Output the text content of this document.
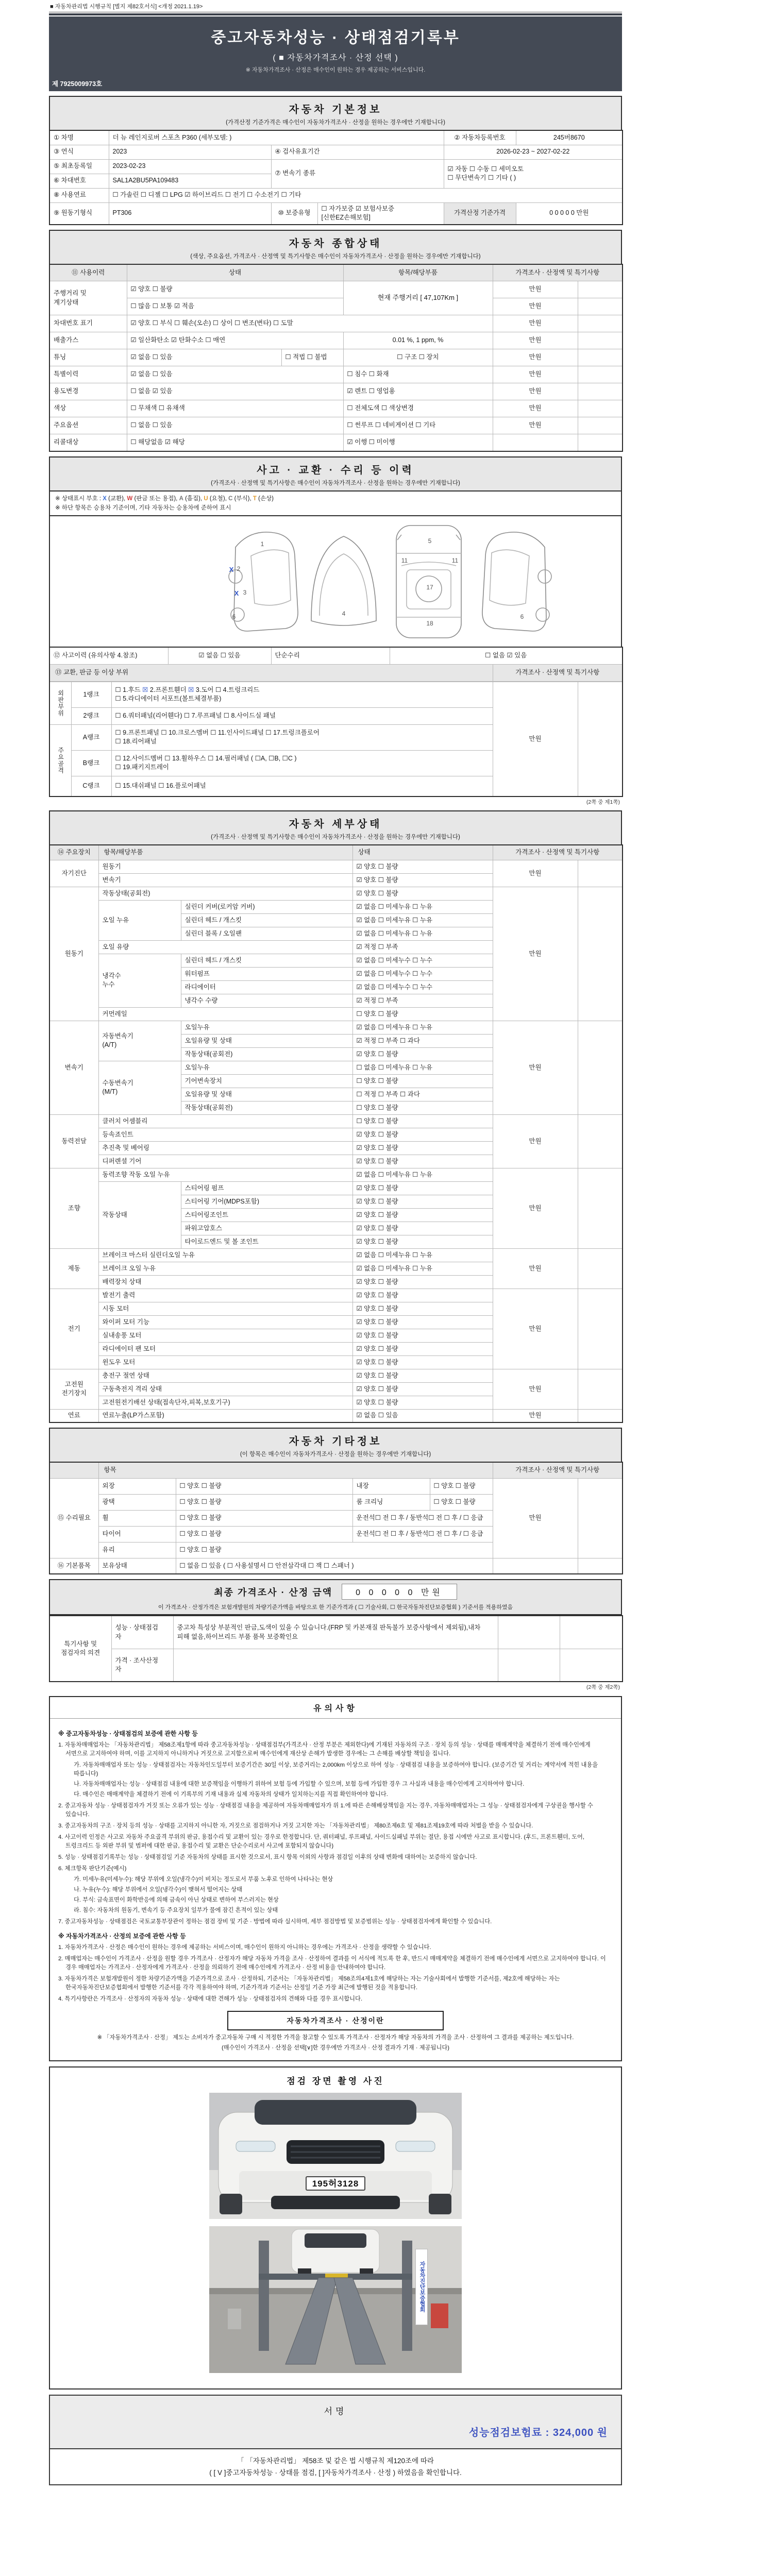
■ 자동차관리법 시행규칙 [별지 제82호서식] <개정 2021.1.19>
중고자동차성능 · 상태점검기록부
( ■ 자동차가격조사 · 산정 선택 )
※ 자동차가격조사 · 산정은 매수인이 원하는 경우 제공하는 서비스입니다.
제 7925009973호
자동차 기본정보
(가격산정 기준가격은 매수인이 자동차가격조사 · 산정을 원하는 경우에만 기재합니다)
① 차명	더 뉴 레인지로버 스포츠 P360 (세부모델: )			② 자동차등록번호	245버8670
③ 연식	2023	④ 검사유효기간		2026-02-23 ~ 2027-02-22	
⑤ 최초등록일	2023-02-23	⑦ 변속기 종류		☑ 자동 ☐ 수동 ☐ 세미오토
☐ 무단변속기 ☐ 기타 ( )	
⑥ 차대번호	SAL1A2BU5PA109483				
⑧ 사용연료	☐ 가솔린 ☐ 디젤 ☐ LPG ☑ 하이브리드 ☐ 전기 ☐ 수소전기 ☐ 기타				
⑨ 원동기형식	PT306	⑩ 보증유형	☐ 자가보증 ☑ 보험사보증 [신한EZ손해보험]	가격산정 기준가격	0 0 0 0 0 만원
자동차 종합상태
(색상, 주요옵션, 가격조사 · 산정액 및 특기사항은 매수인이 자동차가격조사 · 산정을 원하는 경우에만 기재합니다)
⑪ 사용이력	상태		항목/해당부품	가격조사 · 산정액 및 특기사항	
주행거리 및
계기상태	☑ 양호 ☐ 불량		현재 주행거리 [ 47,107Km ]	만원	
	☐ 많음 ☐ 보통 ☑ 적음			만원	
차대번호 표기	☑ 양호 ☐ 부식 ☐ 훼손(오손) ☐ 상이 ☐ 변조(변타) ☐ 도말			만원	
배출가스	☑ 일산화탄소 ☑ 탄화수소 ☐ 매연		0.01 %, 1 ppm, %	만원	
튜닝	☑ 없음 ☐ 있음	☐ 적법 ☐ 불법	☐ 구조 ☐ 장치	만원	
특별이력	☑ 없음 ☐ 있음		☐ 침수 ☐ 화재	만원	
용도변경	☐ 없음 ☑ 있음		☑ 렌트 ☐ 영업용	만원	
색상	☐ 무채색 ☐ 유채색		☐ 전체도색 ☐ 색상변경	만원	
주요옵션	☐ 없음 ☐ 있음		☐ 썬루프 ☐ 네비게이션 ☐ 기타	만원	
리콜대상	☐ 해당없음 ☑ 해당		☑ 이행 ☐ 미이행		
사고 · 교환 · 수리 등 이력
(가격조사 · 산정액 및 특기사항은 매수인이 자동차가격조사 · 산정을 원하는 경우에만 기재합니다)
※ 상태표시 부호 : X (교환), W (판금 또는 용접), A (흠집), U (요철), C (부식), T (손상)
※ 하단 항목은 승용차 기준이며, 기타 자동차는 승용차에 준하여 표시
1
2
3
6	4
5
11	11
17
18
6
X
X
⑫ 사고이력 (유의사항 4.참조)	☑ 없음 ☐ 있음	단순수리	☐ 없음 ☑ 있음	
⑬ 교환, 판금 등 이상 부위				가격조사 · 산정액 및 특기사항
외판부위	1랭크	☐ 1.후드 ☒ 2.프론트휀더 ☒ 3.도어 ☐ 4.트렁크리드
☐ 5.라디에이터 서포트(볼트체결부품)	만원	
	2랭크	☐ 6.쿼터패널(리어휀다) ☐ 7.루프패널 ☐ 8.사이드실 패널		
주요골격	A랭크	☐ 9.프론트패널 ☐ 10.크로스멤버 ☐ 11.인사이드패널 ☐ 17.트렁크플로어
☐ 18.리어패널		
	B랭크	☐ 12.사이드멤버 ☐ 13.휠하우스 ☐ 14.필러패널 ( ☐A, ☐B, ☐C )
☐ 19.패키지트레이		
	C랭크	☐ 15.대쉬패널 ☐ 16.플로어패널		
(2쪽 중 제1쪽)
자동차 세부상태
(가격조사 · 산정액 및 특기사항은 매수인이 자동차가격조사 · 산정을 원하는 경우에만 기재합니다)
⑭ 주요장치	항목/해당부품		상태	가격조사 · 산정액 및 특기사항	
자기진단	원동기		☑ 양호 ☐ 불량	만원	
	변속기		☑ 양호 ☐ 불량		
원동기	작동상태(공회전)		☑ 양호 ☐ 불량	만원	
	오일 누유	실린더 커버(로커암 커버)	☑ 없음 ☐ 미세누유 ☐ 누유		
		실린더 헤드 / 개스킷	☑ 없음 ☐ 미세누유 ☐ 누유		
		실린더 블록 / 오일팬	☑ 없음 ☐ 미세누유 ☐ 누유		
	오일 유량		☑ 적정 ☐ 부족		
	냉각수
누수	실린더 헤드 / 개스킷	☑ 없음 ☐ 미세누수 ☐ 누수		
		워터펌프	☑ 없음 ☐ 미세누수 ☐ 누수		
		라디에이터	☑ 없음 ☐ 미세누수 ☐ 누수		
		냉각수 수량	☑ 적정 ☐ 부족		
	커먼레일		☐ 양호 ☐ 불량		
변속기	자동변속기
(A/T)	오일누유	☑ 없음 ☐ 미세누유 ☐ 누유	만원	
		오일유량 및 상태	☑ 적정 ☐ 부족 ☐ 과다		
		작동상태(공회전)	☑ 양호 ☐ 불량		
	수동변속기
(M/T)	오일누유	☐ 없음 ☐ 미세누유 ☐ 누유		
		기어변속장치	☐ 양호 ☐ 불량		
		오일유량 및 상태	☐ 적정 ☐ 부족 ☐ 과다		
		작동상태(공회전)	☐ 양호 ☐ 불량		
동력전달	클러치 어셈블리		☐ 양호 ☐ 불량	만원	
	등속죠인트		☑ 양호 ☐ 불량		
	추진축 및 베어링		☑ 양호 ☐ 불량		
	디퍼렌셜 기어		☑ 양호 ☐ 불량		
조향	동력조향 작동 오일 누유		☑ 없음 ☐ 미세누유 ☐ 누유	만원	
	작동상태	스티어링 펌프	☑ 양호 ☐ 불량		
		스티어링 기어(MDPS포함)	☑ 양호 ☐ 불량		
		스티어링조인트	☑ 양호 ☐ 불량		
		파워고압호스	☑ 양호 ☐ 불량		
		타이로드엔드 및 볼 조인트	☑ 양호 ☐ 불량		
제동	브레이크 마스터 실린더오일 누유		☑ 없음 ☐ 미세누유 ☐ 누유	만원	
	브레이크 오일 누유		☑ 없음 ☐ 미세누유 ☐ 누유		
	배력장치 상태		☑ 양호 ☐ 불량		
전기	발전기 출력		☑ 양호 ☐ 불량	만원	
	시동 모터		☑ 양호 ☐ 불량		
	와이퍼 모터 기능		☑ 양호 ☐ 불량		
	실내송풍 모터		☑ 양호 ☐ 불량		
	라디에이터 팬 모터		☑ 양호 ☐ 불량		
	윈도우 모터		☑ 양호 ☐ 불량		
고전원
전기장치	충전구 절연 상태		☑ 양호 ☐ 불량	만원	
	구동축전지 격리 상태		☑ 양호 ☐ 불량		
	고전원전기배선 상태(접속단자,피복,보호기구)		☑ 양호 ☐ 불량		
연료	연료누출(LP가스포함)		☑ 없음 ☐ 있음	만원	
자동차 기타정보
(이 항목은 매수인이 자동차가격조사 · 산정을 원하는 경우에만 기재합니다)
	항목				가격조사 · 산정액 및 특기사항	
⑮ 수리필요	외장	☐ 양호 ☐ 불량	내장	☐ 양호 ☐ 불량	만원	
	광택	☐ 양호 ☐ 불량	룸 크리닝	☐ 양호 ☐ 불량		
	휠	☐ 양호 ☐ 불량	운전석☐ 전 ☐ 후 / 동반석☐ 전 ☐ 후 / ☐ 응급			
	타이어	☐ 양호 ☐ 불량	운전석☐ 전 ☐ 후 / 동반석☐ 전 ☐ 후 / ☐ 응급			
	유리	☐ 양호 ☐ 불량				
⑯ 기본품목	보유상태	☐ 없음 ☐ 있음 ( ☐ 사용설명서 ☐ 안전삼각대 ☐ 잭 ☐ 스패너 )				
최종 가격조사 · 산정 금액	0 0 0 0 0 만원
이 가격조사 · 산정가격은 보험개발원의 차량기준가액을 바탕으로 한 기준가격과 ( ☐ 기술사회, ☐ 한국자동차진단보증협회 ) 기준서를 적용하였음
특기사항 및
점검자의 의견	성능 · 상태점검
자	중고차 특성상 부분적인 판금,도색이 있을 수 있습니다.(FRP 및 카본재질 판독불가 보증사항에서 제외됨),내차
피해 없음,하이브리드 부품 품목 보증확인요		
	가격 · 조사산정
자			
(2쪽 중 제2쪽)
유의사항
※ 중고자동차성능 · 상태점검의 보증에 관한 사항 등
1. 자동차매매업자는 「자동차관리법」 제58조제1항에 따라 중고자동차성능 · 상태점검부(가격조사 · 산정 부분은 제외한다)에 기재된 자동차의 구조 · 장치 등의 성능 · 상태를 매매계약을 체결하기 전에 매수인에게 서면으로 고지하여야 하며, 이를 고지하지 아니하거나 거짓으로 고지함으로써 매수인에게 재산상 손해가 발생한 경우에는 그 손해를 배상할 책임을 집니다.
가. 자동차매매업자 또는 성능 · 상태점검자는 자동차인도일부터 보증기간은 30일 이상, 보증거리는 2,000km 이상으로 하여 성능 · 상태점검 내용을 보증하여야 합니다. (보증기간 및 거리는 계약서에 적힌 내용을 따릅니다)
나. 자동차매매업자는 성능 · 상태점검 내용에 대한 보증책임을 이행하기 위하여 보험 등에 가입할 수 있으며, 보험 등에 가입한 경우 그 사실과 내용을 매수인에게 고지하여야 합니다.
다. 매수인은 매매계약을 체결하기 전에 이 기록부의 기재 내용과 실제 자동차의 상태가 일치하는지를 직접 확인하여야 합니다.
2. 중고자동차 성능 · 상태점검자가 거짓 또는 오류가 있는 성능 · 상태점검 내용을 제공하여 자동차매매업자가 위 1.에 따른 손해배상책임을 지는 경우, 자동차매매업자는 그 성능 · 상태점검자에게 구상권을 행사할 수 있습니다.
3. 중고자동차의 구조 · 장치 등의 성능 · 상태를 고지하지 아니한 자, 거짓으로 점검하거나 거짓 고지한 자는 「자동차관리법」 제80조제6호 및 제81조제19호에 따라 처벌을 받을 수 있습니다.
4. 사고이력 인정은 사고로 자동차 주요골격 부위의 판금, 용접수리 및 교환이 있는 경우로 한정합니다. 단, 쿼터패널, 루프패널, 사이드실패널 부위는 절단, 용접 시에만 사고로 표시합니다. (후드, 프론트휀더, 도어, 트렁크리드 등 외판 부위 및 범퍼에 대한 판금, 용접수리 및 교환은 단순수리로서 사고에 포함되지 않습니다)
5. 성능 · 상태점검기록부는 성능 · 상태점검일 기준 자동차의 상태를 표시한 것으로서, 표시 항목 이외의 사항과 점검일 이후의 상태 변화에 대하여는 보증하지 않습니다.
6. 체크항목 판단기준(예시)
가. 미세누유(미세누수): 해당 부위에 오일(냉각수)이 비치는 정도로서 부품 노후로 인하여 나타나는 현상
나. 누유(누수): 해당 부위에서 오일(냉각수)이 맺혀서 떨어지는 상태
다. 부식: 금속표면이 화학반응에 의해 금속이 아닌 상태로 변하여 부스러지는 현상
라. 침수: 자동차의 원동기, 변속기 등 주요장치 일부가 물에 잠긴 흔적이 있는 상태
7. 중고자동차성능 · 상태점검은 국토교통부장관이 정하는 점검 장비 및 기준 · 방법에 따라 실시하며, 세부 점검방법 및 보증범위는 성능 · 상태점검자에게 확인할 수 있습니다.
※ 자동차가격조사 · 산정의 보증에 관한 사항 등
1. 자동차가격조사 · 산정은 매수인이 원하는 경우에 제공하는 서비스이며, 매수인이 원하지 아니하는 경우에는 가격조사 · 산정을 생략할 수 있습니다.
2. 매매업자는 매수인이 가격조사 · 산정을 원할 경우 가격조사 · 산정자가 해당 자동차 가격을 조사 · 산정하여 결과를 이 서식에 적도록 한 후, 반드시 매매계약을 체결하기 전에 매수인에게 서면으로 고지하여야 합니다. 이 경우 매매업자는 가격조사 · 산정자에게 가격조사 · 산정을 의뢰하기 전에 매수인에게 가격조사 · 산정 비용을 안내하여야 합니다.
3. 자동차가격은 보험개발원이 정한 차량기준가액을 기준가격으로 조사 · 산정하되, 기준서는 「자동차관리법」 제58조의4제1호에 해당하는 자는 기술사회에서 발행한 기준서를, 제2호에 해당하는 자는 한국자동차진단보증협회에서 발행한 기준서를 각각 적용하여야 하며, 기준가격과 기준서는 산정일 기준 가장 최근에 발행된 것을 적용합니다.
4. 특기사항란은 가격조사 · 산정자의 자동차 성능 · 상태에 대한 견해가 성능 · 상태점검자의 견해와 다를 경우 표시합니다.
자동차가격조사 · 산정이란
※ 「자동차가격조사 · 산정」 제도는 소비자가 중고자동차 구매 시 적정한 가격을 참고할 수 있도록 가격조사 · 산정자가 해당 자동차의 가격을 조사 · 산정하여 그 결과를 제공하는 제도입니다.
(매수인이 가격조사 · 산정을 선택[∨]한 경우에만 가격조사 · 산정 결과가 기재 · 제공됩니다)
점검 장면 촬영 사진
195허3128
자동차진단보증협회
서명
성능점검보험료 : 324,000 원
「 「자동차관리법」 제58조 및 같은 법 시행규칙 제120조에 따라
( [ V ]중고자동차성능 · 상태를 점검, [ ]자동차가격조사 · 산정 ) 하였음을 확인합니다.
